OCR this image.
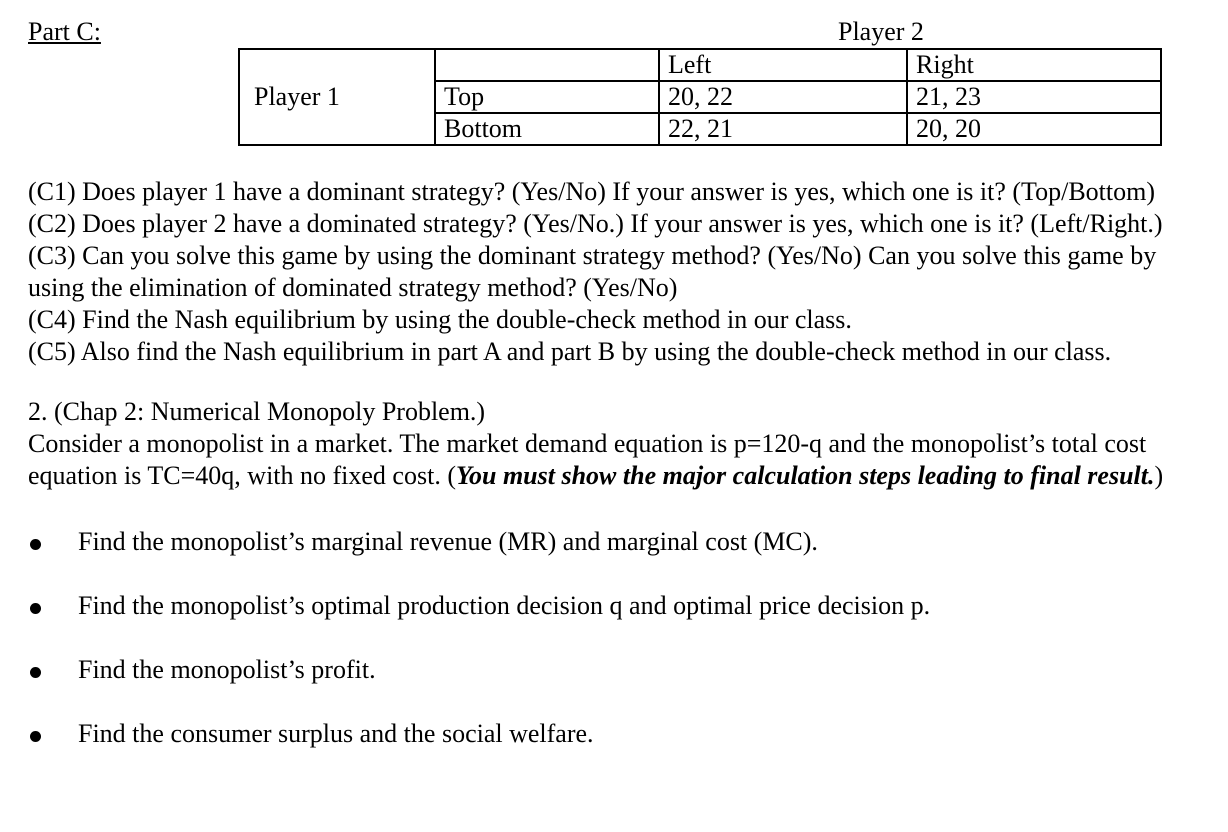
Part C:	Player 2
Player 1		Left	Right
	Top	20, 22	21, 23
	Bottom	22, 21	20, 20
(C1) Does player 1 have a dominant strategy? (Yes/No) If your answer is yes, which one is it? (Top/Bottom)
(C2) Does player 2 have a dominated strategy? (Yes/No.) If your answer is yes, which one is it? (Left/Right.)
(C3) Can you solve this game by using the dominant strategy method? (Yes/No) Can you solve this game by
using the elimination of dominated strategy method? (Yes/No)
(C4) Find the Nash equilibrium by using the double-check method in our class.
(C5) Also find the Nash equilibrium in part A and part B by using the double-check method in our class.
2. (Chap 2: Numerical Monopoly Problem.)
Consider a monopolist in a market. The market demand equation is p=120-q and the monopolist’s total cost
equation is TC=40q, with no fixed cost. (You must show the major calculation steps leading to final result.)
Find the monopolist’s marginal revenue (MR) and marginal cost (MC).
Find the monopolist’s optimal production decision q and optimal price decision p.
Find the monopolist’s profit.
Find the consumer surplus and the social welfare.
